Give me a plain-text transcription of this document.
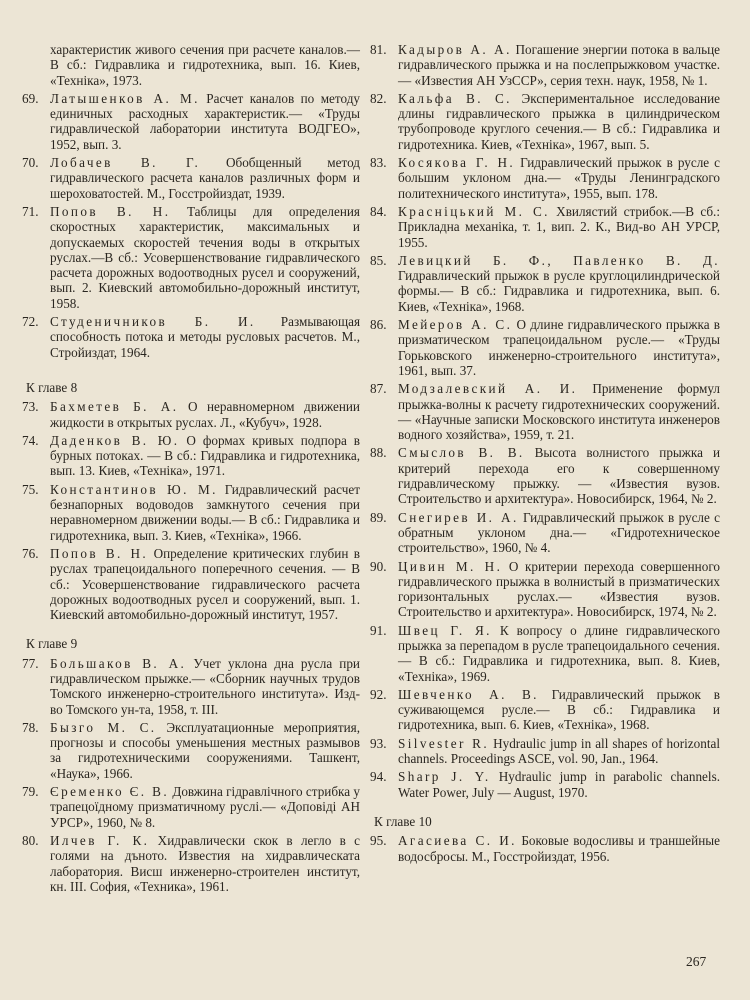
характеристик живого сечения при расчете каналов.— В сб.: Гидравлика и гидротехника, вып. 16. Киев, «Техніка», 1973.
69. Латышенков А. М. Расчет каналов по методу единичных расходных характеристик.— «Труды гидравлической лаборатории института ВОДГЕО», 1952, вып. 3.
70. Лобачев В. Г. Обобщенный метод гидравлического расчета каналов различных форм и шероховатостей. М., Госстройиздат, 1939.
71. Попов В. Н. Таблицы для определения скоростных характеристик, максимальных и допускаемых скоростей течения воды в открытых руслах.—В сб.: Усовершенствование гидравлического расчета дорожных водоотводных русел и сооружений, вып. 2. Киевский автомобильно-дорожный институт, 1958.
72. Студеничников Б. И. Размывающая способность потока и методы русловых расчетов. М., Стройиздат, 1964.
К главе 8
73. Бахметев Б. А. О неравномерном движении жидкости в открытых руслах. Л., «Кубуч», 1928.
74. Даденков В. Ю. О формах кривых подпора в бурных потоках. — В сб.: Гидравлика и гидротехника, вып. 13. Киев, «Техніка», 1971.
75. Константинов Ю. М. Гидравлический расчет безнапорных водоводов замкнутого сечения при неравномерном движении воды.— В сб.: Гидравлика и гидротехника, вып. 3. Киев, «Техніка», 1966.
76. Попов В. Н. Определение критических глубин в руслах трапецоидального поперечного сечения. — В сб.: Усовершенствование гидравлического расчета дорожных водоотводных русел и сооружений, вып. 1. Киевский автомобильно-дорожный институт, 1957.
К главе 9
77. Большаков В. А. Учет уклона дна русла при гидравлическом прыжке.— «Сборник научных трудов Томского инженерно-строительного института». Изд-во Томского ун-та, 1958, т. III.
78. Бызго М. С. Эксплуатационные мероприятия, прогнозы и способы уменьшения местных размывов за гидротехническими сооружениями. Ташкент, «Наука», 1966.
79. Єременко Є. В. Довжина гідравлічного стрибка у трапецоїдному призматичному руслі.— «Доповіді АН УРСР», 1960, № 8.
80. Илчев Г. К. Хидравлически скок в легло в с голями на дъното. Известия на хидравлическата лаборатория. Висш инженерно-строителен институт, кн. III. София, «Техника», 1961.
81. Кадыров А. А. Погашение энергии потока в вальце гидравлического прыжка и на послепрыжковом участке.— «Известия АН УзССР», серия техн. наук, 1958, № 1.
82. Кальфа В. С. Экспериментальное исследование длины гидравлического прыжка в цилиндрическом трубопроводе круглого сечения.— В сб.: Гидравлика и гидротехника. Киев, «Техніка», 1967, вып. 5.
83. Косякова Г. Н. Гидравлический прыжок в русле с большим уклоном дна.— «Труды Ленинградского политехнического института», 1955, вып. 178.
84. Красніцький М. С. Хвилястий стрибок.—В сб.: Прикладна механіка, т. 1, вип. 2. К., Вид-во АН УРСР, 1955.
85. Левицкий Б. Ф., Павленко В. Д. Гидравлический прыжок в русле круглоцилиндрической формы.— В сб.: Гидравлика и гидротехника, вып. 6. Киев, «Техніка», 1968.
86. Мейеров А. С. О длине гидравлического прыжка в призматическом трапецоидальном русле.— «Труды Горьковского инженерно-строительного института», 1961, вып. 37.
87. Модзалевский А. И. Применение формул прыжка-волны к расчету гидротехнических сооружений.— «Научные записки Московского института инженеров водного хозяйства», 1959, т. 21.
88. Смыслов В. В. Высота волнистого прыжка и критерий перехода его к совершенному гидравлическому прыжку. — «Известия вузов. Строительство и архитектура». Новосибирск, 1964, № 2.
89. Снегирев И. А. Гидравлический прыжок в русле с обратным уклоном дна.— «Гидротехническое строительство», 1960, № 4.
90. Цивин М. Н. О критерии перехода совершенного гидравлического прыжка в волнистый в призматических горизонтальных руслах.— «Известия вузов. Строительство и архитектура». Новосибирск, 1974, № 2.
91. Швец Г. Я. К вопросу о длине гидравлического прыжка за перепадом в русле трапецоидального сечения.— В сб.: Гидравлика и гидротехника, вып. 8. Киев, «Техніка», 1969.
92. Шевченко А. В. Гидравлический прыжок в суживающемся русле.— В сб.: Гидравлика и гидротехника, вып. 6. Киев, «Техніка», 1968.
93. Silvester R. Hydraulic jump in all shapes of horizontal channels. Proceedings ASCE, vol. 90, Jan., 1964.
94. Sharp J. Y. Hydraulic jump in parabolic channels. Water Power, July — August, 1970.
К главе 10
95. Агасиева С. И. Боковые водосливы и траншейные водосбросы. М., Госстройиздат, 1956.
267
